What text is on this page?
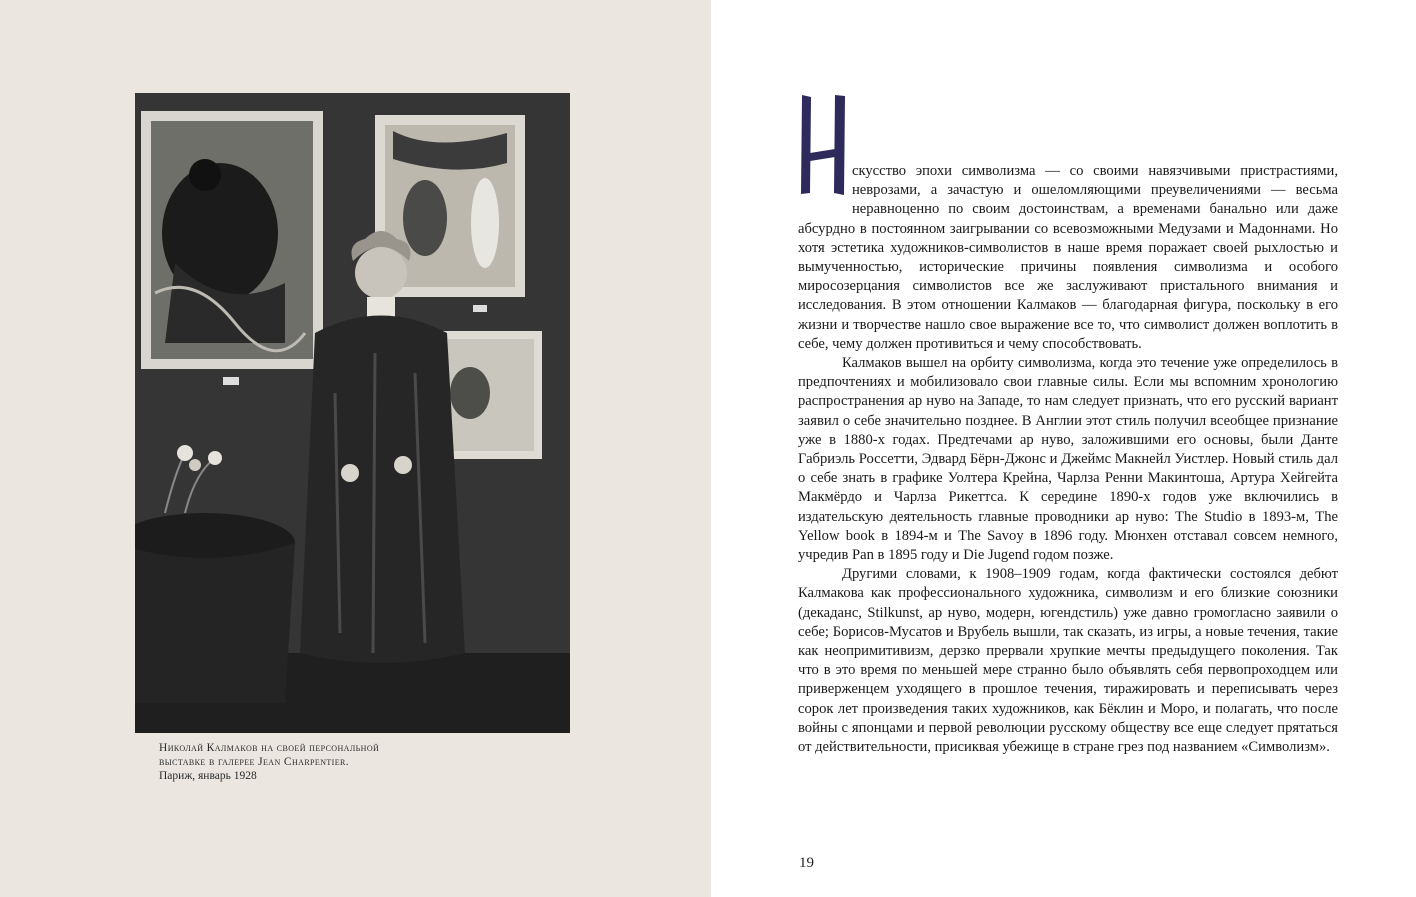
Николай Калмаков на своей персональной
выставке в галерее Jean Charpentier.
Париж, январь 1928

скусство эпохи символизма — со своими навязчивыми пристрастиями, неврозами, а зачастую и ошеломляющими преувеличениями — весьма неравноценно по своим достоинствам, а временами банально или даже абсурдно в постоянном заигрывании со всевозможными Медузами и Мадоннами. Но хотя эстетика художников-символистов в наше время поражает своей рыхлостью и вымученностью, исторические причины появления символизма и особого миросозерцания символистов все же заслуживают пристального внимания и исследования. В этом отношении Калмаков — благодарная фигура, поскольку в его жизни и творчестве нашло свое выражение все то, что символист должен воплотить в себе, чему должен противиться и чему способствовать.

Калмаков вышел на орбиту символизма, когда это течение уже определилось в предпочтениях и мобилизовало свои главные силы. Если мы вспомним хронологию распространения ар нуво на Западе, то нам следует признать, что его русский вариант заявил о себе значительно позднее. В Англии этот стиль получил всеобщее признание уже в 1880-х годах. Предтечами ар нуво, заложившими его основы, были Данте Габриэль Россетти, Эдвард Бёрн-Джонс и Джеймс Макнейл Уистлер. Новый стиль дал о себе знать в графике Уолтера Крейна, Чарлза Ренни Макинтоша, Артура Хейгейта Макмёрдо и Чарлза Рикеттса. К середине 1890-х годов уже включились в издательскую деятельность главные проводники ар нуво: The Studio в 1893-м, The Yellow book в 1894-м и The Savoy в 1896 году. Мюнхен отставал совсем немного, учредив Pan в 1895 году и Die Jugend годом позже.

Другими словами, к 1908–1909 годам, когда фактически состоялся дебют Калмакова как профессионального художника, символизм и его близкие союзники (декаданс, Stilkunst, ар нуво, модерн, югендстиль) уже давно громогласно заявили о себе; Борисов-Мусатов и Врубель вышли, так сказать, из игры, а новые течения, такие как неопримитивизм, дерзко прервали хрупкие мечты предыдущего поколения. Так что в это время по меньшей мере странно было объявлять себя первопроходцем или приверженцем уходящего в прошлое течения, тиражировать и переписывать через сорок лет произведения таких художников, как Бёклин и Моро, и полагать, что после войны с японцами и первой революции русскому обществу все еще следует прятаться от действительности, присиквая убежище в стране грез под названием «Символизм».

19
